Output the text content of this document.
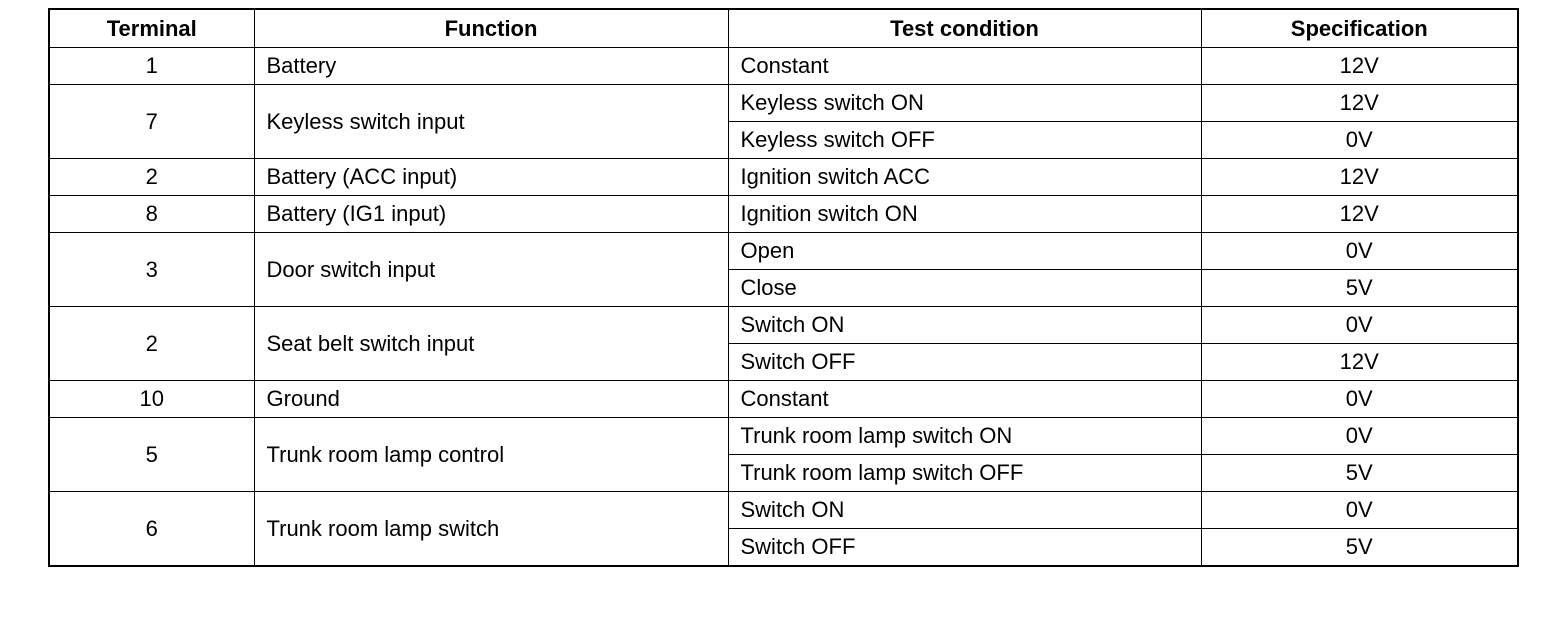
Terminal	Function	Test condition	Specification
1	Battery	Constant	12V
7	Keyless switch input	Keyless switch ON	12V
		Keyless switch OFF	0V
2	Battery (ACC input)	Ignition switch ACC	12V
8	Battery (IG1 input)	Ignition switch ON	12V
3	Door switch input	Open	0V
		Close	5V
2	Seat belt switch input	Switch ON	0V
		Switch OFF	12V
10	Ground	Constant	0V
5	Trunk room lamp control	Trunk room lamp switch ON	0V
		Trunk room lamp switch OFF	5V
6	Trunk room lamp switch	Switch ON	0V
		Switch OFF	5V
